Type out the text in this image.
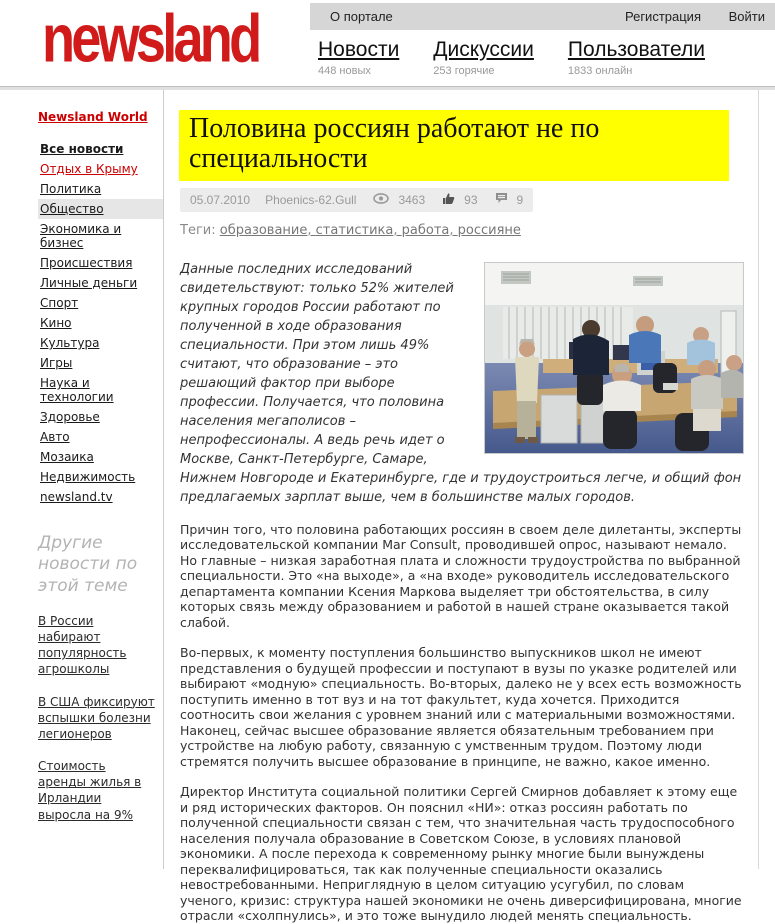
newsland	О портале	Регистрация Войти
Новости
448 новых
Дискуссии
253 горячие
Пользователи
1833 онлайн
Newsland World
Все новости
Отдых в Крыму
Политика
Общество
Экономика и бизнес
Происшествия
Личные деньги
Спорт
Кино
Культура
Игры
Наука и технологии
Здоровье
Авто
Мозаика
Недвижимость
newsland.tv
Другие новости по этой теме
В России набирают популярность агрошколы
В США фиксируют вспышки болезни легионеров
Стоимость аренды жилья в Ирландии выросла на 9%
Половина россиян работают не по специальности
05.07.2010 Phoenics-62.Gull	3463	93	9
Теги: образование , статистика , работа , россияне
Данные последних исследований свидетельствуют: только 52% жителей крупных городов России работают по полученной в ходе образования специальности. При этом лишь 49% считают, что образование – это решающий фактор при выборе профессии. Получается, что половина населения мегаполисов – непрофессионалы. А ведь речь идет о Москве, Санкт-Петербурге, Самаре, Нижнем Новгороде и Екатеринбурге, где и трудоустроиться легче, и общий фон предлагаемых зарплат выше, чем в большинстве малых городов.

Причин того, что половина работающих россиян в своем деле дилетанты, эксперты исследовательской компании Mar Consult, проводившей опрос, называют немало. Но главные – низкая заработная плата и сложности трудоустройства по выбранной специальности. Это «на выходе», а «на входе» руководитель исследовательского департамента компании Ксения Маркова выделяет три обстоятельства, в силу которых связь между образованием и работой в нашей стране оказывается такой слабой.

Во-первых, к моменту поступления большинство выпускников школ не имеют представления о будущей профессии и поступают в вузы по указке родителей или выбирают «модную» специальность. Во-вторых, далеко не у всех есть возможность поступить именно в тот вуз и на тот факультет, куда хочется. Приходится соотносить свои желания с уровнем знаний или с материальными возможностями. Наконец, сейчас высшее образование является обязательным требованием при устройстве на любую работу, связанную с умственным трудом. Поэтому люди стремятся получить высшее образование в принципе, не важно, какое именно.

Директор Института социальной политики Сергей Смирнов добавляет к этому еще и ряд исторических факторов. Он пояснил «НИ»: отказ россиян работать по полученной специальности связан с тем, что значительная часть трудоспособного населения получала образование в Советском Союзе, в условиях плановой экономики. А после перехода к современному рынку многие были вынуждены переквалифицироваться, так как полученные специальности оказались невостребованными. Неприглядную в целом ситуацию усугубил, по словам ученого, кризис: структура нашей экономики не очень диверсифицирована, многие отрасли «схолпнулись», и это тоже вынудило людей менять специальность.
